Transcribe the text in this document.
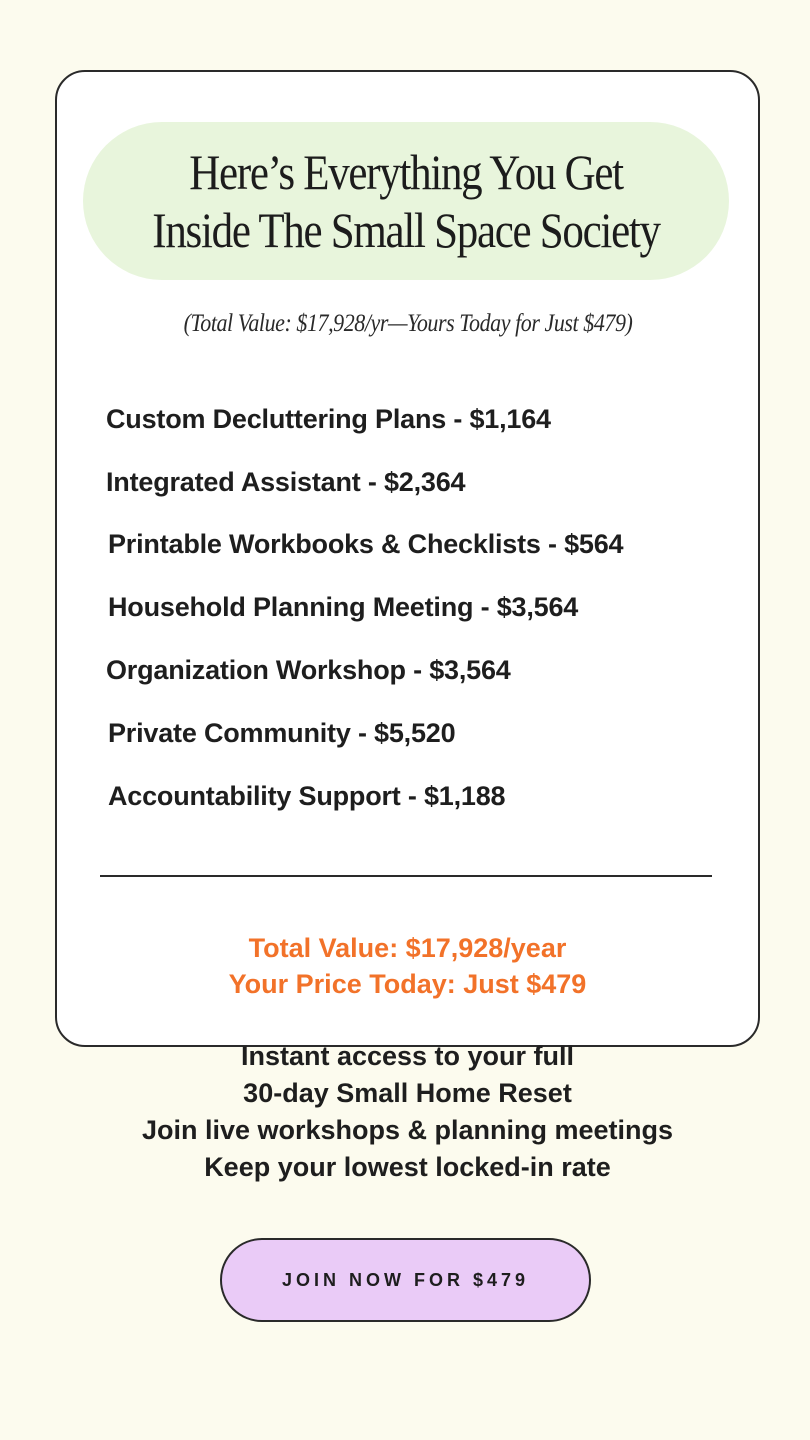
Here’s Everything You Get
Inside The Small Space Society
(Total Value: $17,928/yr—Yours Today for Just $479)
Custom Decluttering Plans - $1,164
Integrated Assistant - $2,364
Printable Workbooks & Checklists - $564
Household Planning Meeting - $3,564
Organization Workshop - $3,564
Private Community - $5,520
Accountability Support - $1,188
Total Value: $17,928/year
Your Price Today: Just $479
Instant access to your full
30-day Small Home Reset
Join live workshops & planning meetings
Keep your lowest locked-in rate
JOIN NOW FOR $479
